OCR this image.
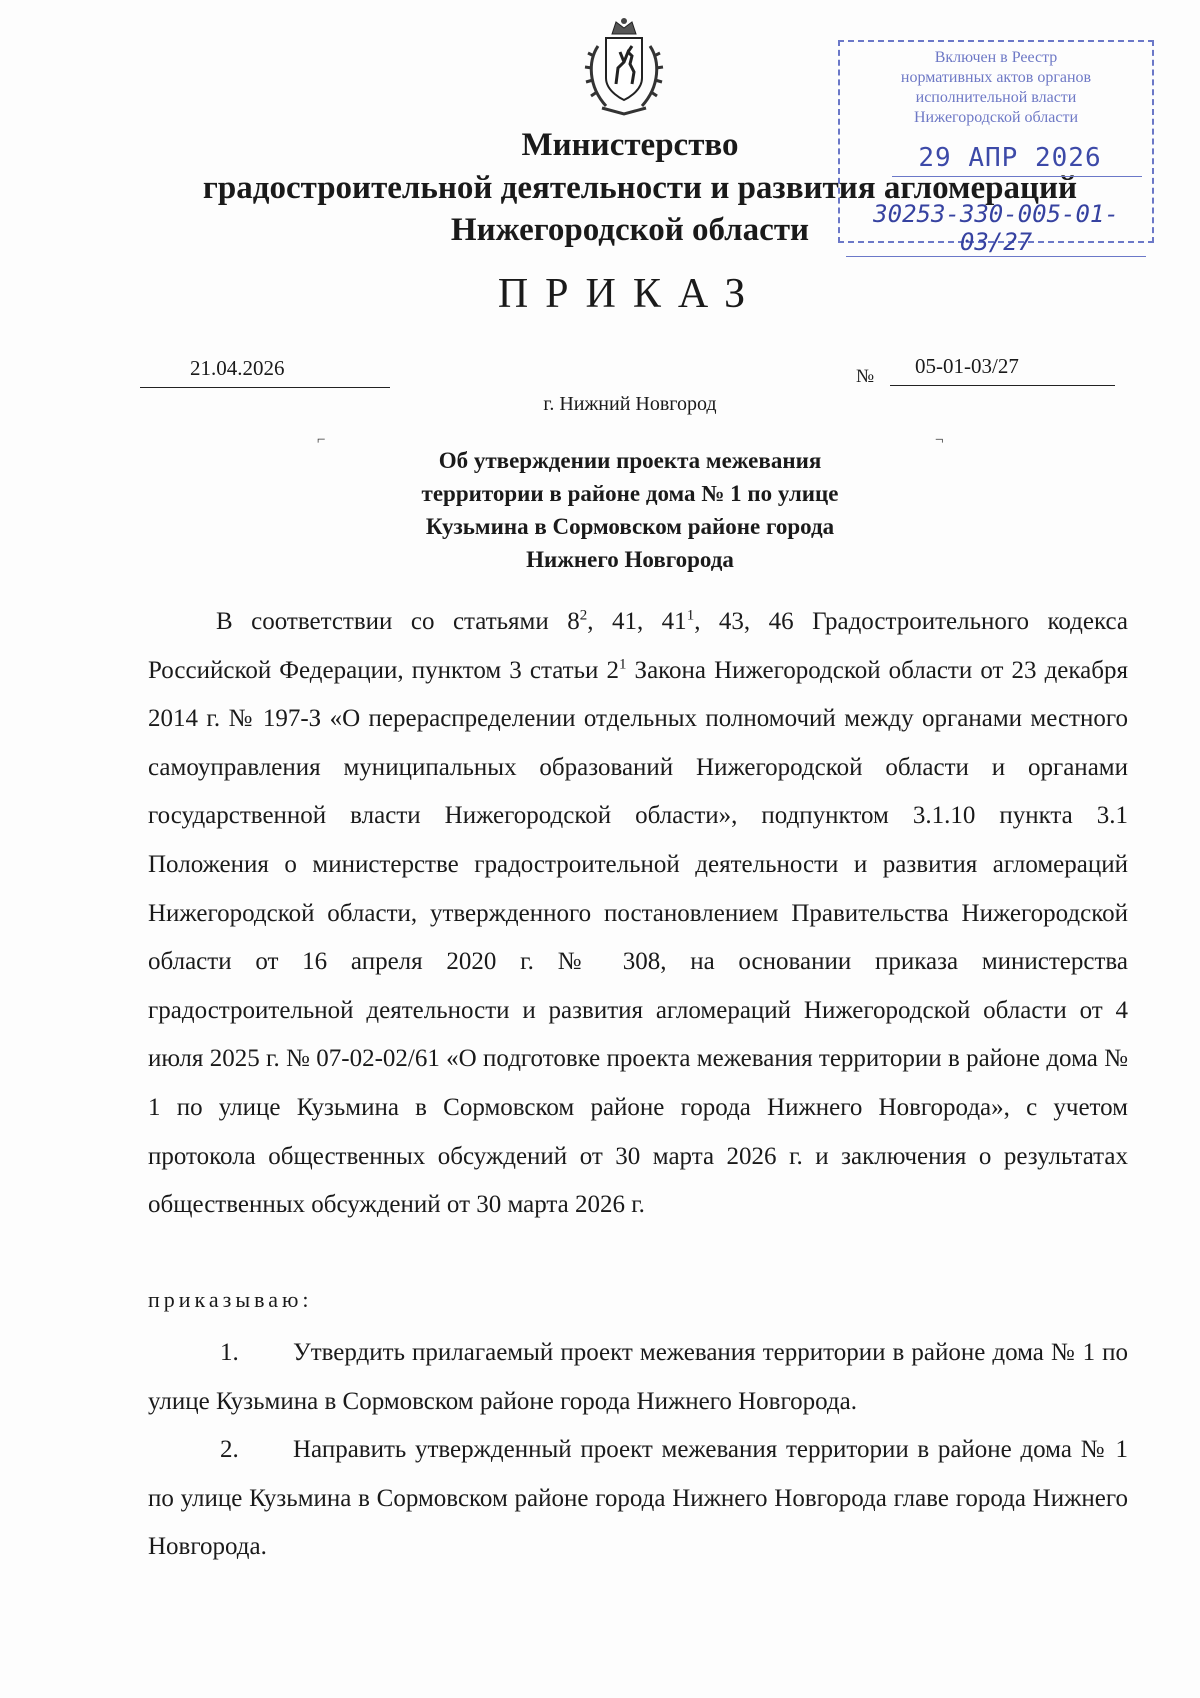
Министерство
градостроительной деятельности и развития агломераций
Нижегородской области
ПРИКАЗ
21.04.2026	№ 05-01-03/27
г. Нижний Новгород
⌐	¬
Об утверждении проекта межевания
территории в районе дома № 1 по улице
Кузьмина в Сормовском районе города
Нижнего Новгорода
В соответствии со статьями $8^2$, 41, $41^1$, 43, 46 Градостроительного кодекса Российской Федерации, пунктом 3 статьи $2^1$ Закона Нижегородской области от 23 декабря 2014 г. № 197-З «О перераспределении отдельных полномочий между органами местного самоуправления муниципальных образований Нижегородской области и органами государственной власти Нижегородской области», подпунктом 3.1.10 пункта 3.1 Положения о министерстве градостроительной деятельности и развития агломераций Нижегородской области, утвержденного постановлением Правительства Нижегородской области от 16 апреля 2020 г. № 308, на основании приказа министерства градостроительной деятельности и развития агломераций Нижегородской области от 4 июля 2025 г. № 07-02-02/61 «О подготовке проекта межевания территории в районе дома № 1 по улице Кузьмина в Сормовском районе города Нижнего Новгорода», с учетом протокола общественных обсуждений от 30 марта 2026 г. и заключения о результатах общественных обсуждений от 30 марта 2026 г.
приказываю:
1. Утвердить прилагаемый проект межевания территории в районе дома № 1 по улице Кузьмина в Сормовском районе города Нижнего Новгорода.
2. Направить утвержденный проект межевания территории в районе дома № 1 по улице Кузьмина в Сормовском районе города Нижнего Новгорода главе города Нижнего Новгорода.
Включен в Реестр
нормативных актов органов
исполнительной власти
Нижегородской области
29 АПР 2026
30253-330-005-01-03/27
